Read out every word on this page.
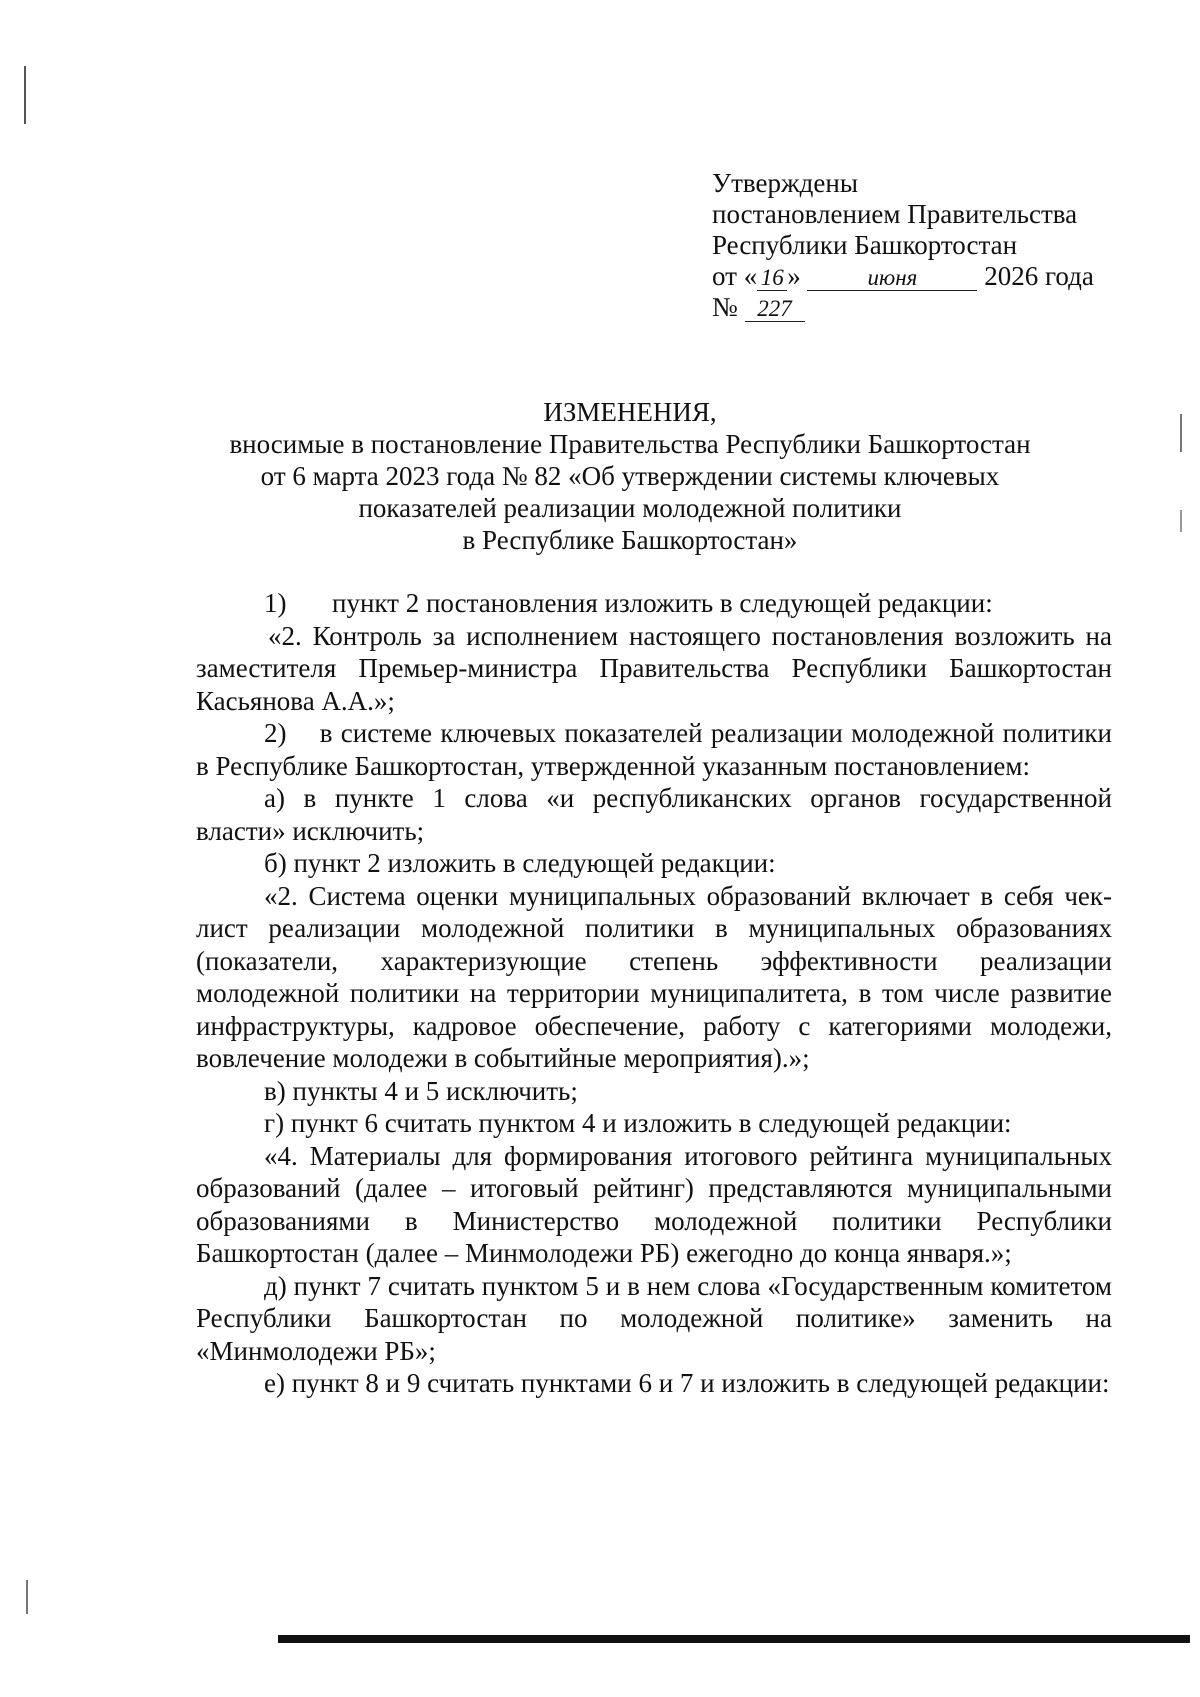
Утверждены
постановлением Правительства
Республики Башкортостан
от « 16 »	июня 2026 года
№ 227
ИЗМЕНЕНИЯ,
вносимые в постановление Правительства Республики Башкортостан
от 6 марта 2023 года № 82 «Об утверждении системы ключевых
показателей реализации молодежной политики
в Республике Башкортостан»
1)	пункт 2 постановления изложить в следующей редакции:

«2. Контроль за исполнением настоящего постановления возложить на заместителя Премьер-министра Правительства Республики Башкортостан Касьянова А.А.»;

2) в системе ключевых показателей реализации молодежной политики в Республике Башкортостан, утвержденной указанным постановлением:

а) в пункте 1 слова «и республиканских органов государственной власти» исключить;

б) пункт 2 изложить в следующей редакции:

«2. Система оценки муниципальных образований включает в себя чек-лист реализации молодежной политики в муниципальных образованиях (показатели, характеризующие степень эффективности реализации молодежной политики на территории муниципалитета, в том числе развитие инфраструктуры, кадровое обеспечение, работу с категориями молодежи, вовлечение молодежи в событийные мероприятия).»;

в) пункты 4 и 5 исключить;

г) пункт 6 считать пунктом 4 и изложить в следующей редакции:

«4. Материалы для формирования итогового рейтинга муниципальных образований (далее – итоговый рейтинг) представляются муниципальными образованиями в Министерство молодежной политики Республики Башкортостан (далее – Минмолодежи РБ) ежегодно до конца января.»;

д) пункт 7 считать пунктом 5 и в нем слова «Государственным комитетом Республики Башкортостан по молодежной политике» заменить на «Минмолодежи РБ»;

е) пункт 8 и 9 считать пунктами 6 и 7 и изложить в следующей редакции:
